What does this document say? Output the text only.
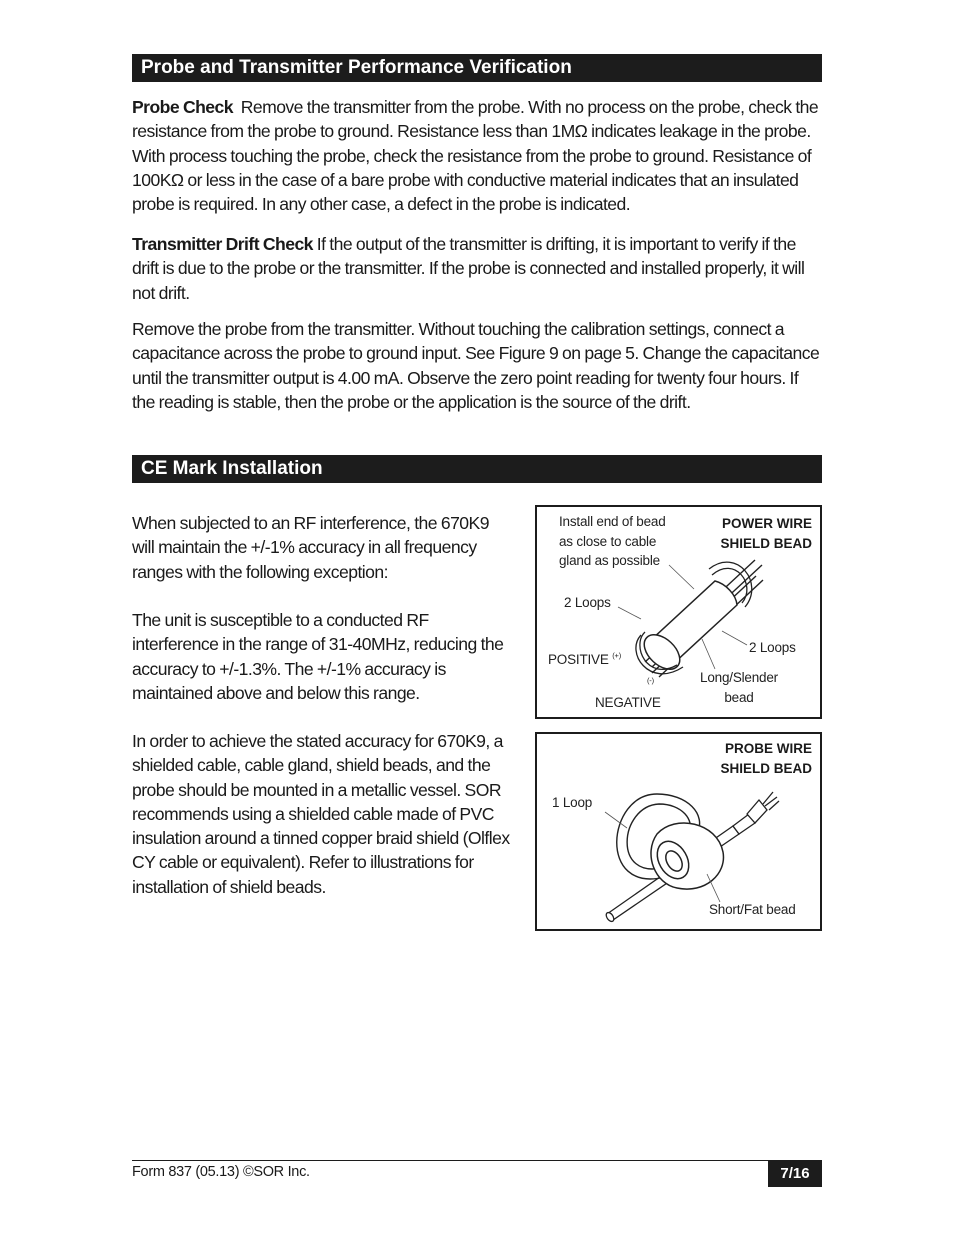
Probe and Transmitter Performance Verification
Probe Check Remove the transmitter from the probe. With no process on the probe, check the resistance from the probe to ground. Resistance less than 1MΩ indicates leakage in the probe. With process touching the probe, check the resistance from the probe to ground. Resistance of 100KΩ or less in the case of a bare probe with conductive material indicates that an insulated probe is required. In any other case, a defect in the probe is indicated.
Transmitter Drift Check If the output of the transmitter is drifting, it is important to verify if the drift is due to the probe or the transmitter. If the probe is connected and installed properly, it will not drift.
Remove the probe from the transmitter. Without touching the calibration settings, connect a capacitance across the probe to ground input. See Figure 9 on page 5. Change the capacitance until the transmitter output is 4.00 mA. Observe the zero point reading for twenty four hours. If the reading is stable, then the probe or the application is the source of the drift.
CE Mark Installation
When subjected to an RF interference, the 670K9 will maintain the +/-1% accuracy in all frequency ranges with the following exception:
The unit is susceptible to a conducted RF interference in the range of 31-40MHz, reducing the accuracy to +/-1.3%. The +/-1% accuracy is maintained above and below this range.
In order to achieve the stated accuracy for 670K9, a shielded cable, cable gland, shield beads, and the probe should be mounted in a metallic vessel. SOR recommends using a shielded cable made of PVC insulation around a tinned copper braid shield (Olflex CY cable or equivalent). Refer to illustrations for installation of shield beads.
Install end of bead
as close to cable
gland as possible
POWER WIRE
SHIELD BEAD
2 Loops
2 Loops
POSITIVE (+)
(-)
NEGATIVE
Long/Slender
bead
PROBE WIRE
SHIELD BEAD
1 Loop
Short/Fat bead
Form 837 (05.13) ©SOR Inc.	7/16
